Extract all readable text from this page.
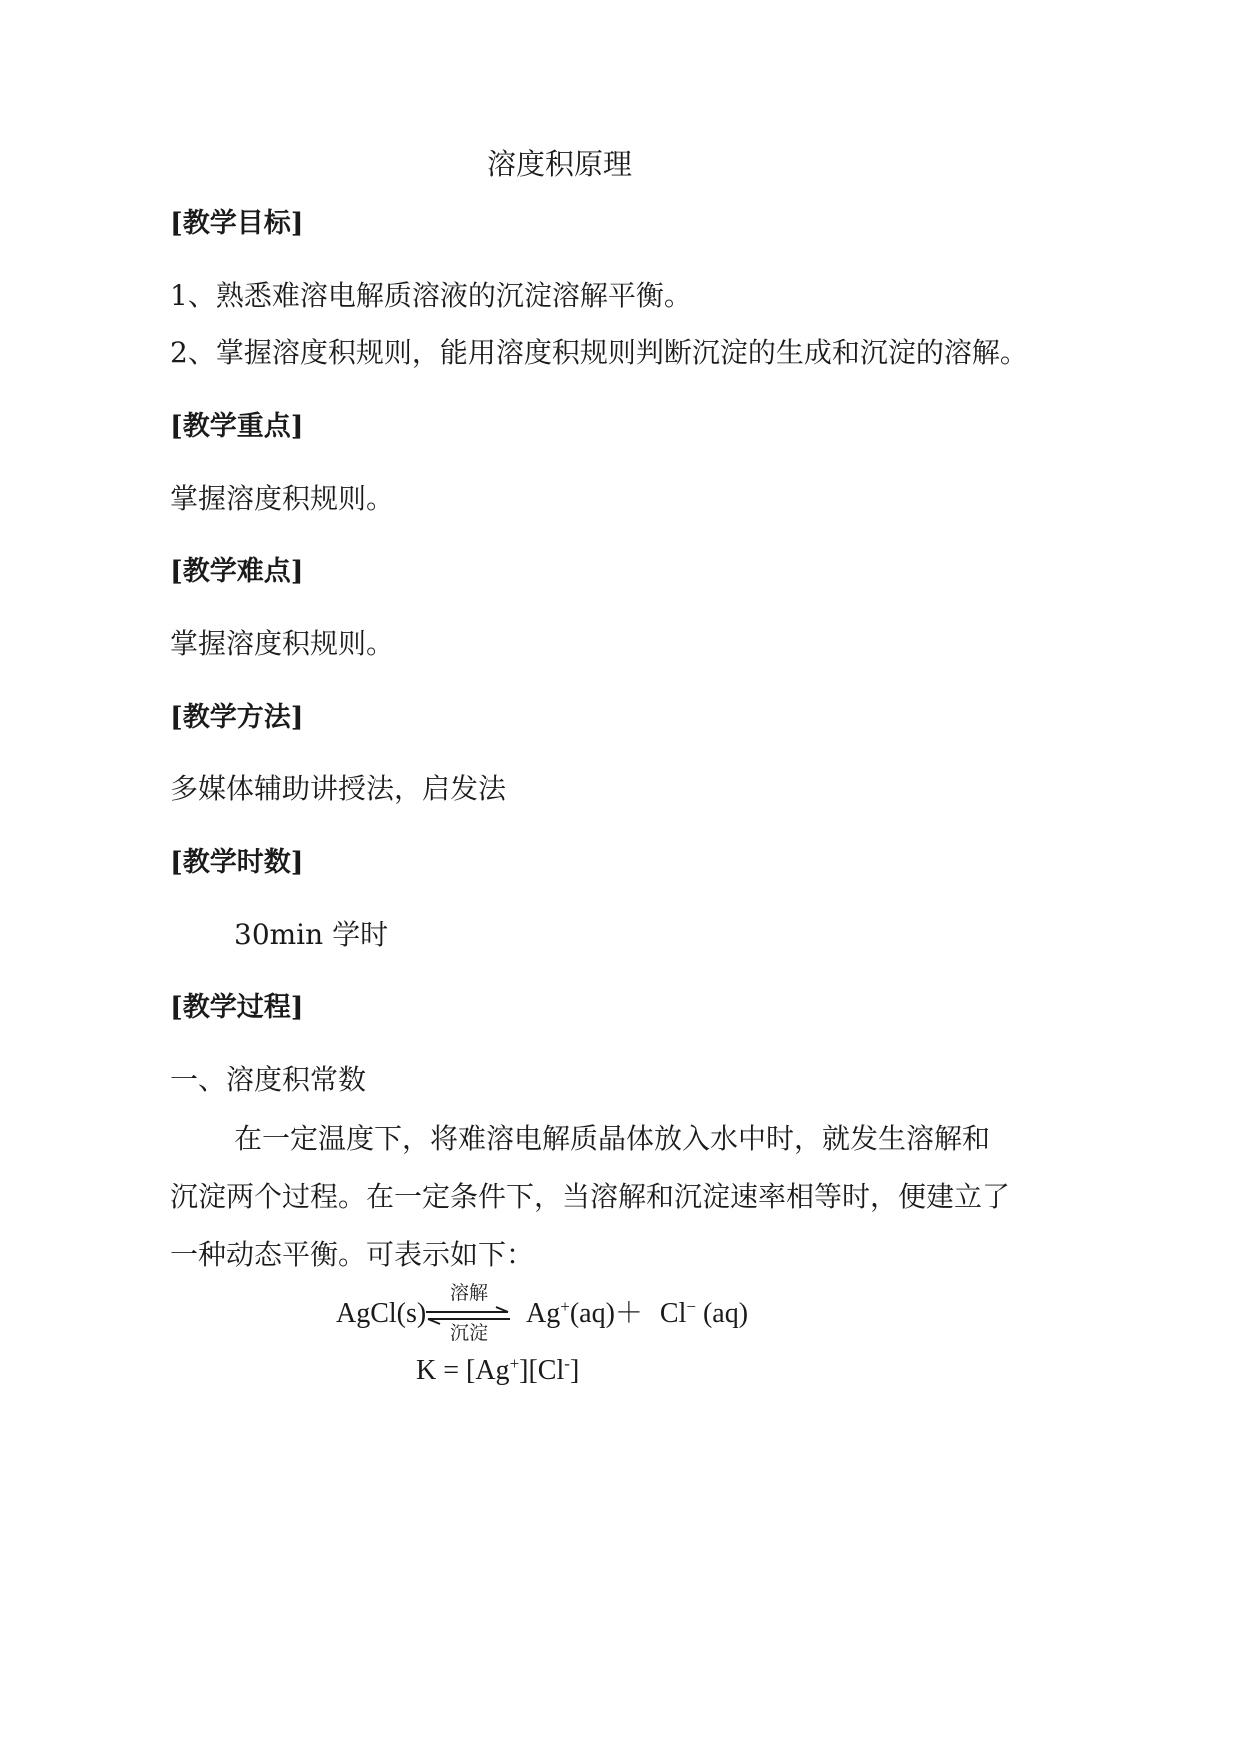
溶度积原理
[教学目标]
1、熟悉难溶电解质溶液的沉淀溶解平衡。
2、掌握溶度积规则，能用溶度积规则判断沉淀的生成和沉淀的溶解。
[教学重点]
掌握溶度积规则。
[教学难点]
掌握溶度积规则。
[教学方法]
多媒体辅助讲授法，启发法
[教学时数]
30min 学时
[教学过程]
一、溶度积常数
在一定温度下，将难溶电解质晶体放入水中时，就发生溶解和
沉淀两个过程。在一定条件下，当溶解和沉淀速率相等时，便建立了
一种动态平衡。可表示如下：
AgCl(s)
溶解
沉淀
Ag+(aq)＋ Cl− (aq)
K = [Ag+][Cl-]
